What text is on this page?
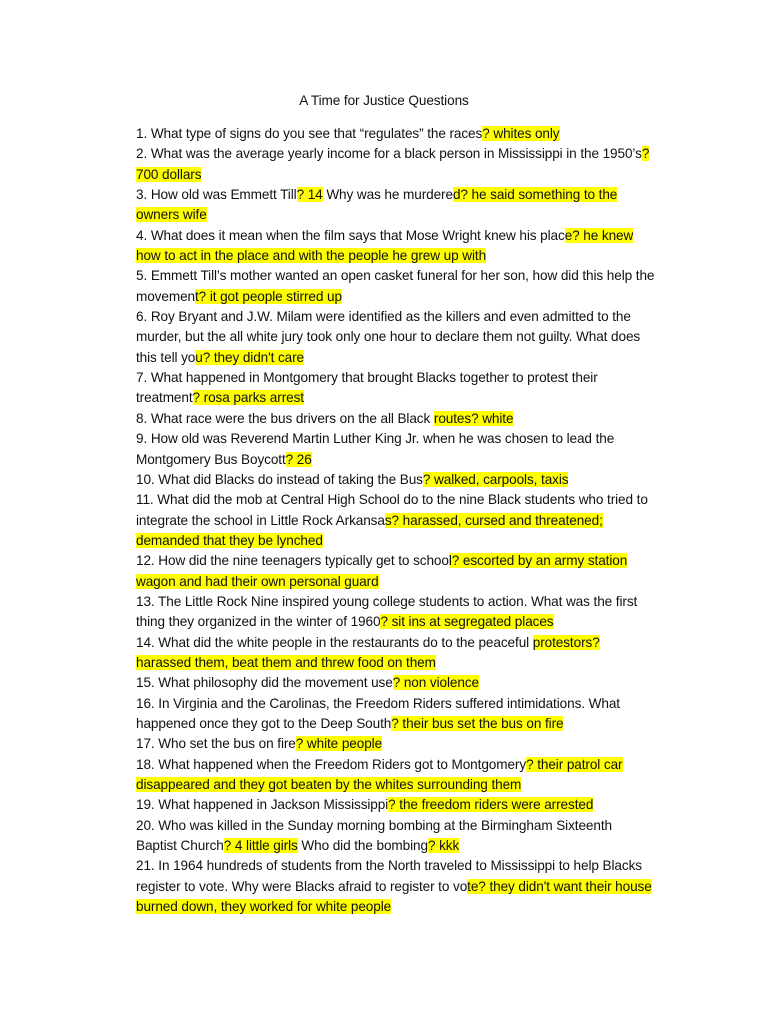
A Time for Justice Questions

1. What type of signs do you see that “regulates” the races? whites only

2. What was the average yearly income for a black person in Mississippi in the 1950’s? 700 dollars

3. How old was Emmett Till? 14 Why was he murdered? he said something to the owners wife

4. What does it mean when the film says that Mose Wright knew his place? he knew how to act in the place and with the people he grew up with

5. Emmett Till’s mother wanted an open casket funeral for her son, how did this help the movement? it got people stirred up

6. Roy Bryant and J.W. Milam were identified as the killers and even admitted to the murder, but the all white jury took only one hour to declare them not guilty. What does this tell you? they didn't care

7. What happened in Montgomery that brought Blacks together to protest their treatment? rosa parks arrest

8. What race were the bus drivers on the all Black routes? white

9. How old was Reverend Martin Luther King Jr. when he was chosen to lead the Montgomery Bus Boycott? 26

10. What did Blacks do instead of taking the Bus? walked, carpools, taxis

11. What did the mob at Central High School do to the nine Black students who tried to integrate the school in Little Rock Arkansas? harassed, cursed and threatened; demanded that they be lynched

12. How did the nine teenagers typically get to school? escorted by an army station wagon and had their own personal guard

13. The Little Rock Nine inspired young college students to action. What was the first thing they organized in the winter of 1960? sit ins at segregated places

14. What did the white people in the restaurants do to the peaceful protestors? harassed them, beat them and threw food on them

15. What philosophy did the movement use? non violence

16. In Virginia and the Carolinas, the Freedom Riders suffered intimidations. What happened once they got to the Deep South? their bus set the bus on fire

17. Who set the bus on fire? white people

18. What happened when the Freedom Riders got to Montgomery? their patrol car disappeared and they got beaten by the whites surrounding them

19. What happened in Jackson Mississippi? the freedom riders were arrested

20. Who was killed in the Sunday morning bombing at the Birmingham Sixteenth Baptist Church? 4 little girls Who did the bombing? kkk

21. In 1964 hundreds of students from the North traveled to Mississippi to help Blacks register to vote. Why were Blacks afraid to register to vote? they didn't want their house burned down, they worked for white people
